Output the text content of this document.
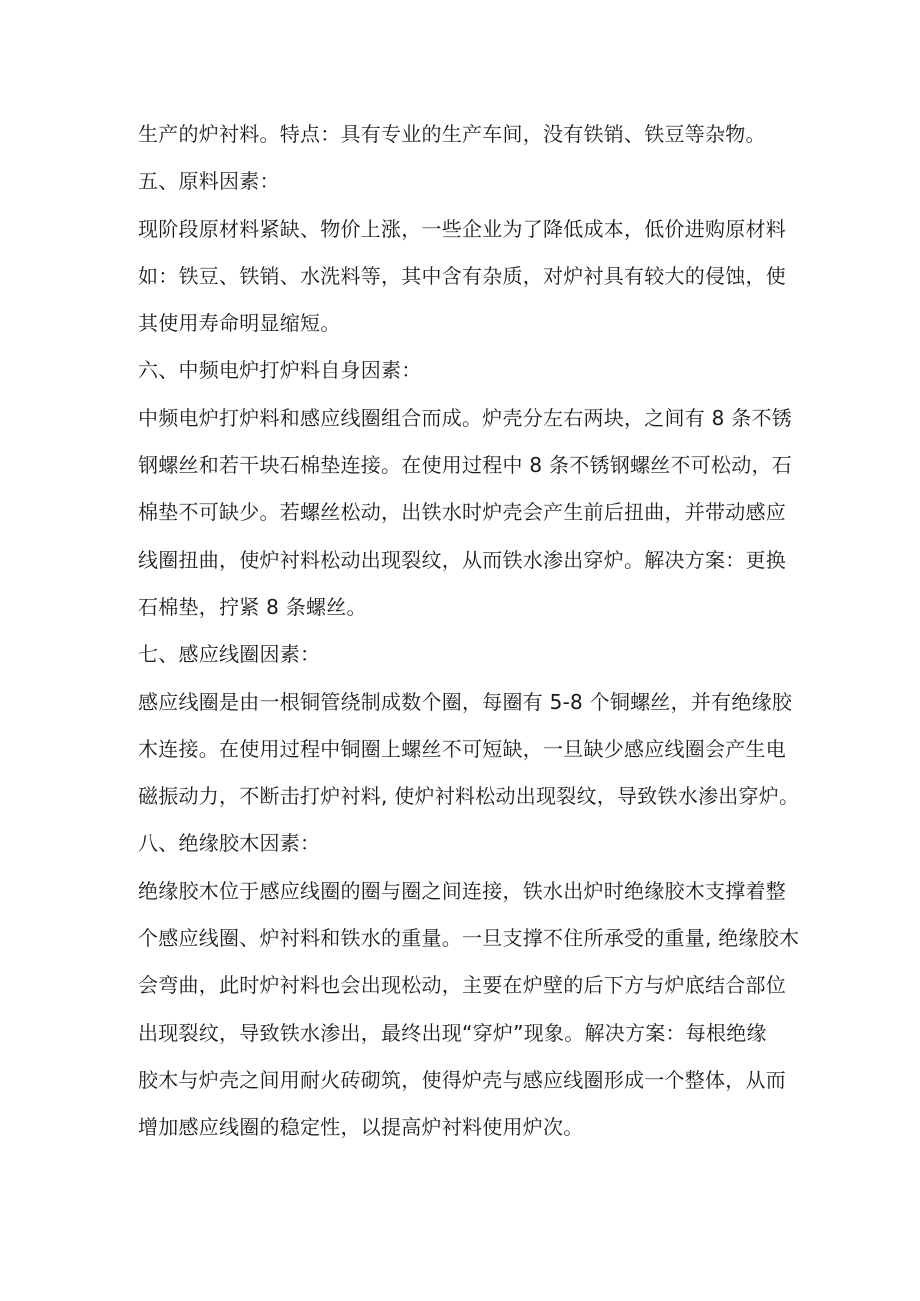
生产的炉衬料。特点：具有专业的生产车间，没有铁销、铁豆等杂物。
五、原料因素：
现阶段原材料紧缺、物价上涨，一些企业为了降低成本，低价进购原材料
如：铁豆、铁销、水洗料等，其中含有杂质，对炉衬具有较大的侵蚀，使
其使用寿命明显缩短。
六、中频电炉打炉料自身因素：
中频电炉打炉料和感应线圈组合而成。炉壳分左右两块，之间有 8 条不锈
钢螺丝和若干块石棉垫连接。在使用过程中 8 条不锈钢螺丝不可松动，石
棉垫不可缺少。若螺丝松动，出铁水时炉壳会产生前后扭曲，并带动感应
线圈扭曲，使炉衬料松动出现裂纹，从而铁水渗出穿炉。解决方案：更换
石棉垫，拧紧 8 条螺丝。
七、感应线圈因素：
感应线圈是由一根铜管绕制成数个圈，每圈有 5-8 个铜螺丝，并有绝缘胶
木连接。在使用过程中铜圈上螺丝不可短缺，一旦缺少感应线圈会产生电
磁振动力，不断击打炉衬料, 使炉衬料松动出现裂纹，导致铁水渗出穿炉。
八、绝缘胶木因素：
绝缘胶木位于感应线圈的圈与圈之间连接，铁水出炉时绝缘胶木支撑着整
个感应线圈、炉衬料和铁水的重量。一旦支撑不住所承受的重量, 绝缘胶木
会弯曲，此时炉衬料也会出现松动，主要在炉壁的后下方与炉底结合部位
出现裂纹，导致铁水渗出，最终出现“穿炉”现象。解决方案：每根绝缘
胶木与炉壳之间用耐火砖砌筑，使得炉壳与感应线圈形成一个整体，从而
增加感应线圈的稳定性，以提高炉衬料使用炉次。
